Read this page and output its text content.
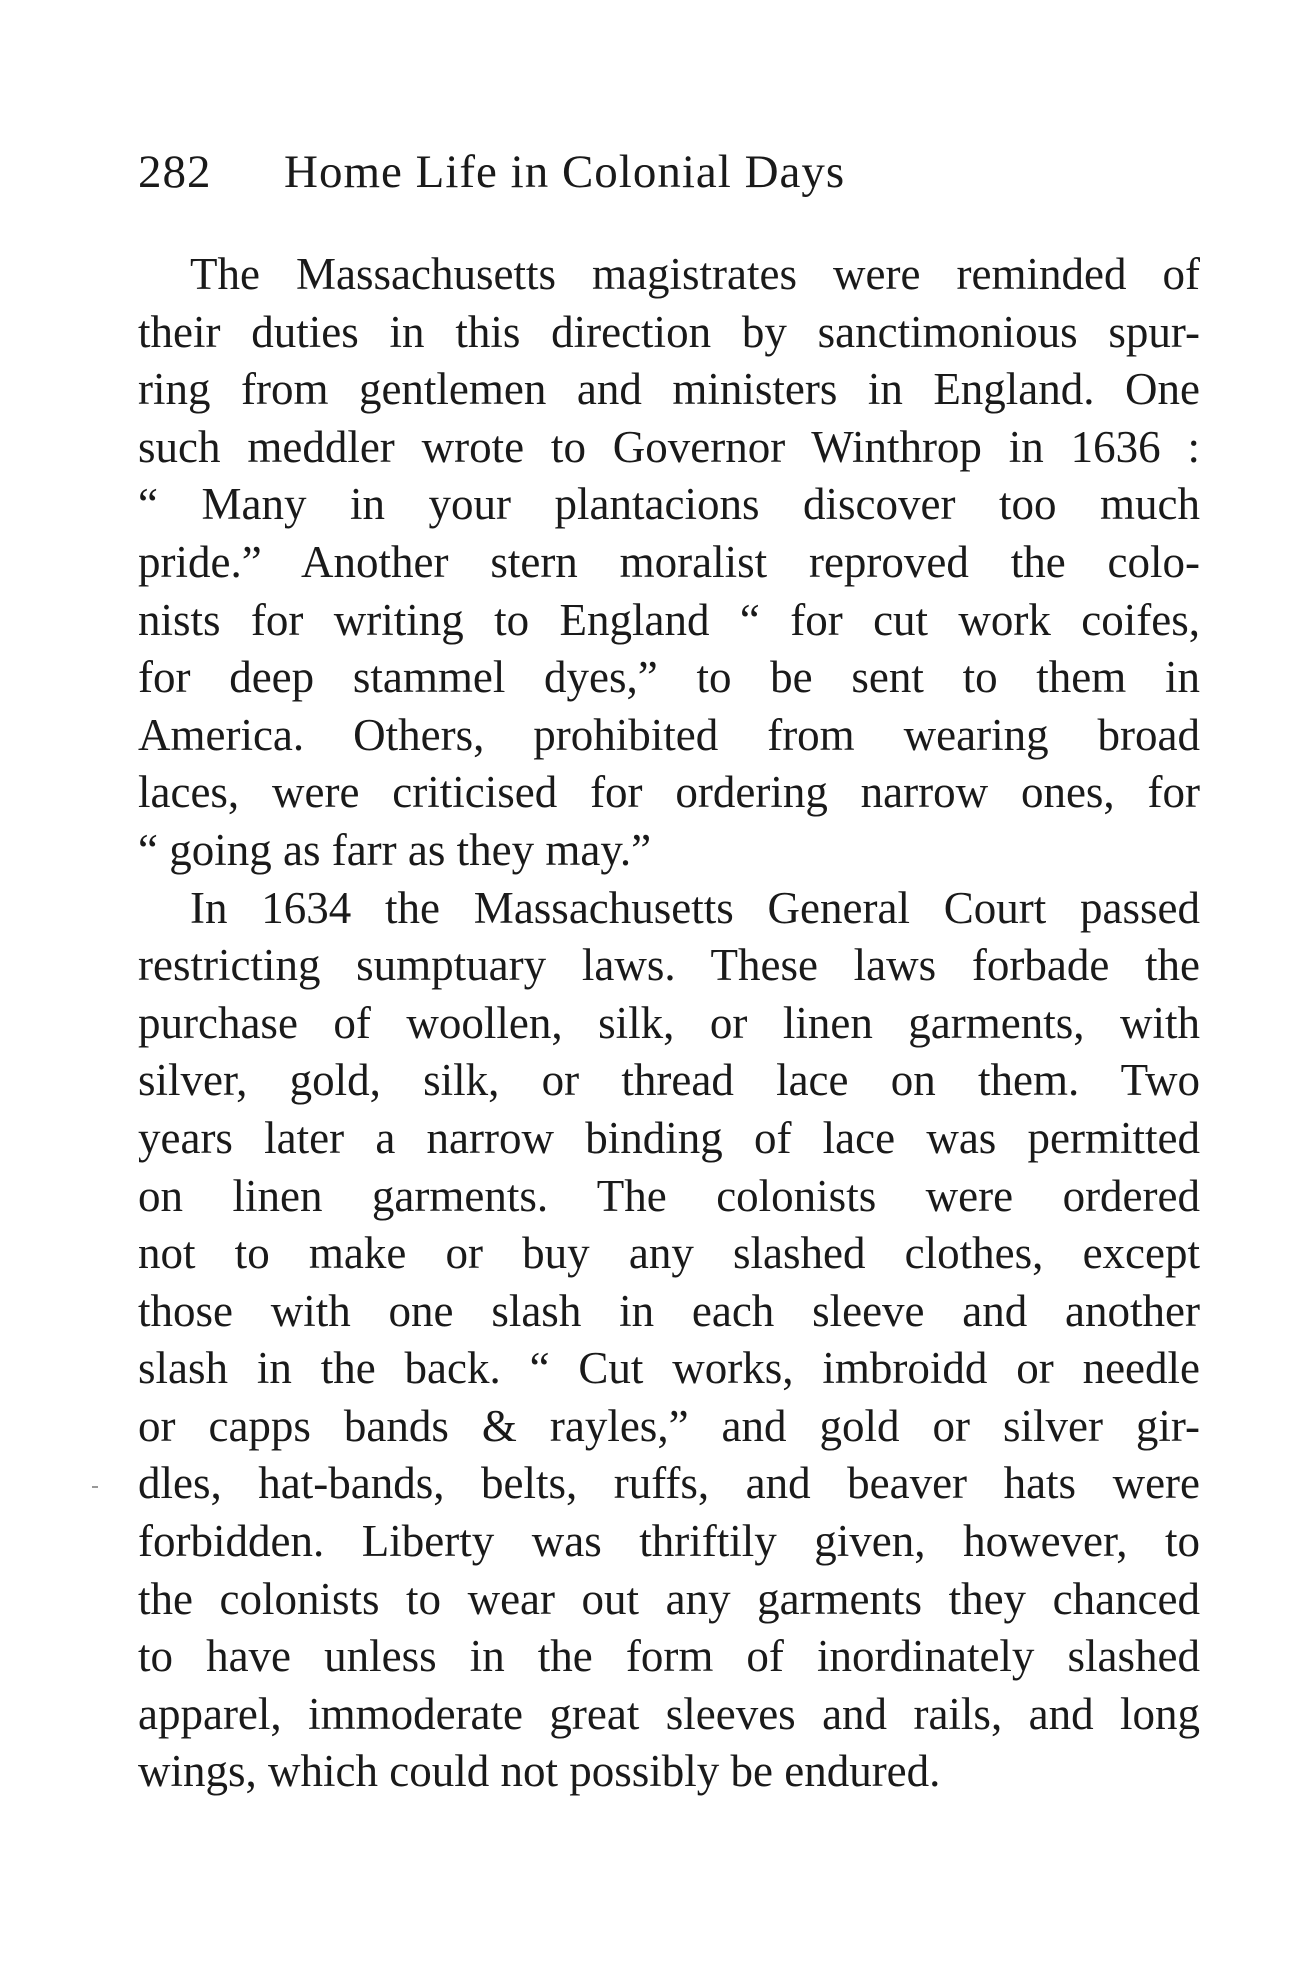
282 Home Life in Colonial Days
The Massachusetts magistrates were reminded of
their duties in this direction by sanctimonious spur-
ring from gentlemen and ministers in England. One
such meddler wrote to Governor Winthrop in 1636 :
“ Many in your plantacions discover too much
pride.” Another stern moralist reproved the colo-
nists for writing to England “ for cut work coifes,
for deep stammel dyes,” to be sent to them in
America. Others, prohibited from wearing broad
laces, were criticised for ordering narrow ones, for
“ going as farr as they may.”
In 1634 the Massachusetts General Court passed
restricting sumptuary laws. These laws forbade the
purchase of woollen, silk, or linen garments, with
silver, gold, silk, or thread lace on them. Two
years later a narrow binding of lace was permitted
on linen garments. The colonists were ordered
not to make or buy any slashed clothes, except
those with one slash in each sleeve and another
slash in the back. “ Cut works, imbroidd or needle
or capps bands & rayles,” and gold or silver gir-
dles, hat-bands, belts, ruffs, and beaver hats were
forbidden. Liberty was thriftily given, however, to
the colonists to wear out any garments they chanced
to have unless in the form of inordinately slashed
apparel, immoderate great sleeves and rails, and long
wings, which could not possibly be endured.
